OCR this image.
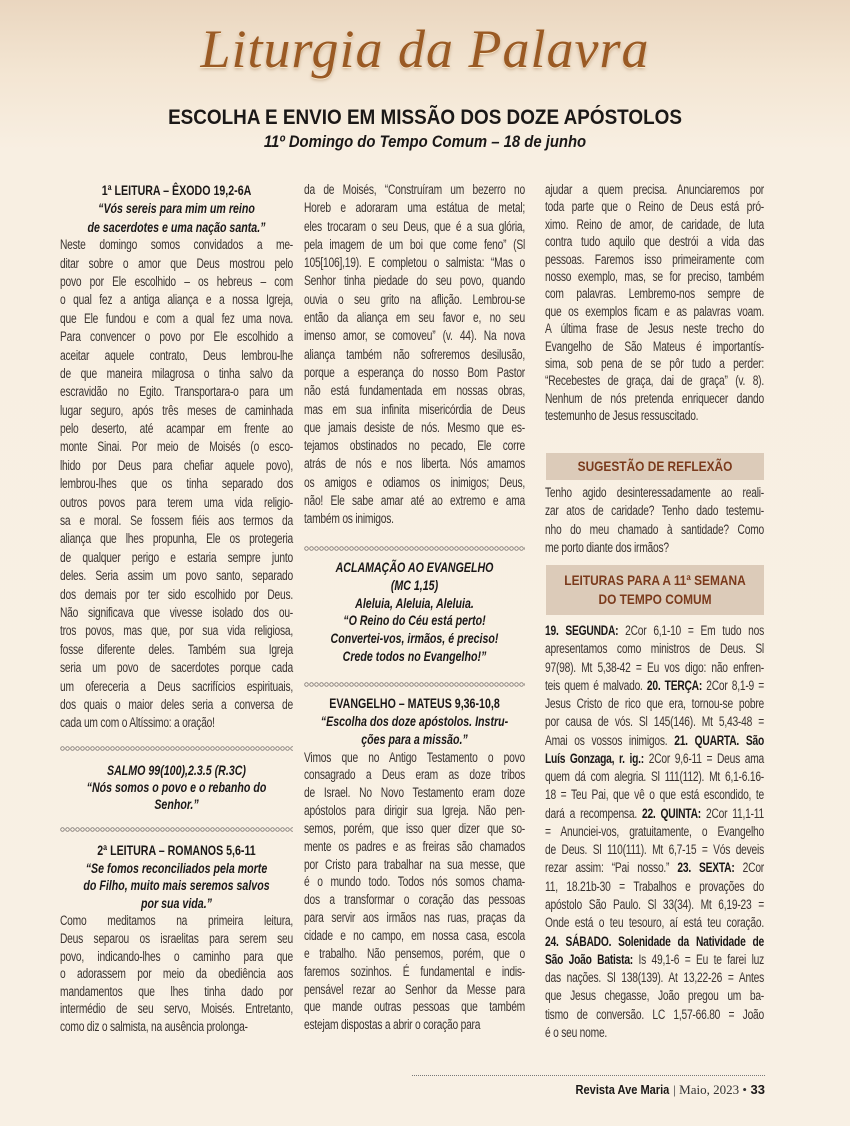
Liturgia da Palavra
ESCOLHA E ENVIO EM MISSÃO DOS DOZE APÓSTOLOS
11º Domingo do Tempo Comum – 18 de junho
1ª LEITURA – ÊXODO 19,2-6A
“Vós sereis para mim um reino
de sacerdotes e uma nação santa.”
Neste domingo somos convidados a me-
ditar sobre o amor que Deus mostrou pelo
povo por Ele escolhido – os hebreus – com
o qual fez a antiga aliança e a nossa Igreja,
que Ele fundou e com a qual fez uma nova.
Para convencer o povo por Ele escolhido a
aceitar aquele contrato, Deus lembrou-lhe
de que maneira milagrosa o tinha salvo da
escravidão no Egito. Transportara-o para um
lugar seguro, após três meses de caminhada
pelo deserto, até acampar em frente ao
monte Sinai. Por meio de Moisés (o esco-
lhido por Deus para chefiar aquele povo),
lembrou-lhes que os tinha separado dos
outros povos para terem uma vida religio-
sa e moral. Se fossem fiéis aos termos da
aliança que lhes propunha, Ele os protegeria
de qualquer perigo e estaria sempre junto
deles. Seria assim um povo santo, separado
dos demais por ter sido escolhido por Deus.
Não significava que vivesse isolado dos ou-
tros povos, mas que, por sua vida religiosa,
fosse diferente deles. Também sua Igreja
seria um povo de sacerdotes porque cada
um ofereceria a Deus sacrifícios espirituais,
dos quais o maior deles seria a conversa de
cada um com o Altíssimo: a oração!
SALMO 99(100),2.3.5 (R.3C)
“Nós somos o povo e o rebanho do
Senhor.”
2ª LEITURA – ROMANOS 5,6-11
“Se fomos reconciliados pela morte
do Filho, muito mais seremos salvos
por sua vida.”
Como meditamos na primeira leitura,
Deus separou os israelitas para serem seu
povo, indicando-lhes o caminho para que
o adorassem por meio da obediência aos
mandamentos que lhes tinha dado por
intermédio de seu servo, Moisés. Entretanto,
como diz o salmista, na ausência prolonga-
da de Moisés, “Construíram um bezerro no
Horeb e adoraram uma estátua de metal;
eles trocaram o seu Deus, que é a sua glória,
pela imagem de um boi que come feno” (Sl
105[106],19). E completou o salmista: “Mas o
Senhor tinha piedade do seu povo, quando
ouvia o seu grito na aflição. Lembrou-se
então da aliança em seu favor e, no seu
imenso amor, se comoveu” (v. 44). Na nova
aliança também não sofreremos desilusão,
porque a esperança do nosso Bom Pastor
não está fundamentada em nossas obras,
mas em sua infinita misericórdia de Deus
que jamais desiste de nós. Mesmo que es-
tejamos obstinados no pecado, Ele corre
atrás de nós e nos liberta. Nós amamos
os amigos e odiamos os inimigos; Deus,
não! Ele sabe amar até ao extremo e ama
também os inimigos.
ACLAMAÇÃO AO EVANGELHO
(MC 1,15)
Aleluia, Aleluia, Aleluia.
“O Reino do Céu está perto!
Convertei-vos, irmãos, é preciso!
Crede todos no Evangelho!”
EVANGELHO – MATEUS 9,36-10,8
“Escolha dos doze apóstolos. Instru-
ções para a missão.”
Vimos que no Antigo Testamento o povo
consagrado a Deus eram as doze tribos
de Israel. No Novo Testamento eram doze
apóstolos para dirigir sua Igreja. Não pen-
semos, porém, que isso quer dizer que so-
mente os padres e as freiras são chamados
por Cristo para trabalhar na sua messe, que
é o mundo todo. Todos nós somos chama-
dos a transformar o coração das pessoas
para servir aos irmãos nas ruas, praças da
cidade e no campo, em nossa casa, escola
e trabalho. Não pensemos, porém, que o
faremos sozinhos. É fundamental e indis-
pensável rezar ao Senhor da Messe para
que mande outras pessoas que também
estejam dispostas a abrir o coração para
ajudar a quem precisa. Anunciaremos por
toda parte que o Reino de Deus está pró-
ximo. Reino de amor, de caridade, de luta
contra tudo aquilo que destrói a vida das
pessoas. Faremos isso primeiramente com
nosso exemplo, mas, se for preciso, também
com palavras. Lembremo-nos sempre de
que os exemplos ficam e as palavras voam.
A última frase de Jesus neste trecho do
Evangelho de São Mateus é importantís-
sima, sob pena de se pôr tudo a perder:
“Recebestes de graça, dai de graça” (v. 8).
Nenhum de nós pretenda enriquecer dando
testemunho de Jesus ressuscitado.
SUGESTÃO DE REFLEXÃO
Tenho agido desinteressadamente ao reali-
zar atos de caridade? Tenho dado testemu-
nho do meu chamado à santidade? Como
me porto diante dos irmãos?
LEITURAS PARA A 11ª SEMANA
DO TEMPO COMUM
19. SEGUNDA: 2Cor 6,1-10 = Em tudo nos
apresentamos como ministros de Deus. Sl
97(98). Mt 5,38-42 = Eu vos digo: não enfren-
teis quem é malvado. 20. TERÇA: 2Cor 8,1-9 =
Jesus Cristo de rico que era, tornou-se pobre
por causa de vós. Sl 145(146). Mt 5,43-48 =
Amai os vossos inimigos. 21. QUARTA. São
Luís Gonzaga, r. ig.: 2Cor 9,6-11 = Deus ama
quem dá com alegria. Sl 111(112). Mt 6,1-6.16-
18 = Teu Pai, que vê o que está escondido, te
dará a recompensa. 22. QUINTA: 2Cor 11,1-11
= Anunciei-vos, gratuitamente, o Evangelho
de Deus. Sl 110(111). Mt 6,7-15 = Vós deveis
rezar assim: “Pai nosso.” 23. SEXTA: 2Cor
11, 18.21b-30 = Trabalhos e provações do
apóstolo São Paulo. Sl 33(34). Mt 6,19-23 =
Onde está o teu tesouro, aí está teu coração.
24. SÁBADO. Solenidade da Natividade de
São João Batista: Is 49,1-6 = Eu te farei luz
das nações. Sl 138(139). At 13,22-26 = Antes
que Jesus chegasse, João pregou um ba-
tismo de conversão. LC 1,57-66.80 = João
é o seu nome.
Revista Ave Maria | Maio, 2023 • 33
